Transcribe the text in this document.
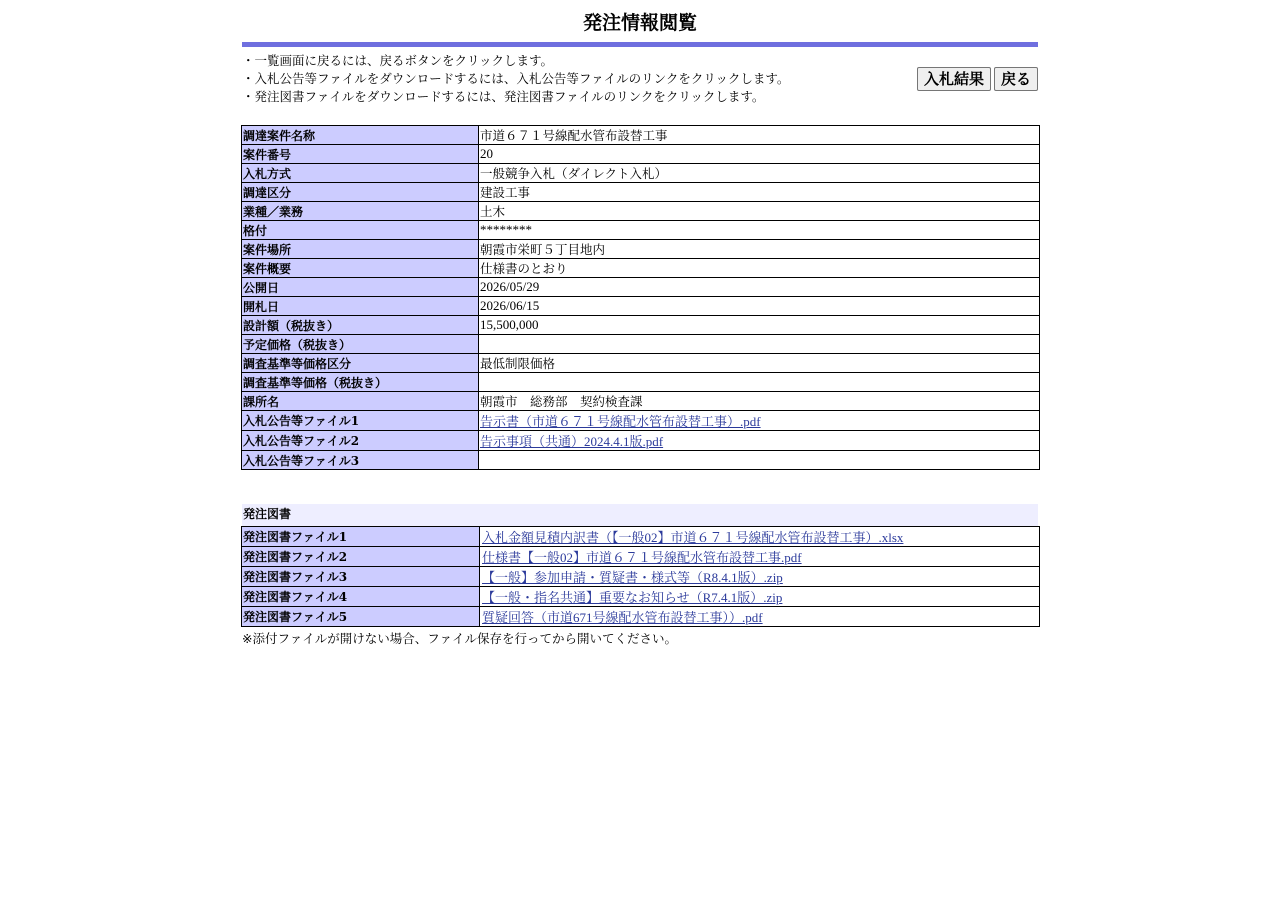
発注情報閲覧
・一覧画面に戻るには、戻るボタンをクリックします。
・入札公告等ファイルをダウンロードするには、入札公告等ファイルのリンクをクリックします。
・発注図書ファイルをダウンロードするには、発注図書ファイルのリンクをクリックします。
入札結果	戻る
調達案件名称	市道６７１号線配水管布設替工事
案件番号	20
入札方式	一般競争入札（ダイレクト入札）
調達区分	建設工事
業種／業務	土木
格付	********
案件場所	朝霞市栄町５丁目地内
案件概要	仕様書のとおり
公開日	2026/05/29
開札日	2026/06/15
設計額（税抜き）	15,500,000
予定価格（税抜き）	
調査基準等価格区分	最低制限価格
調査基準等価格（税抜き）	
課所名	朝霞市　総務部　契約検査課
入札公告等ファイル1	告示書（市道６７１号線配水管布設替工事）.pdf
入札公告等ファイル2	告示事項（共通）2024.4.1版.pdf
入札公告等ファイル3	
発注図書
発注図書ファイル1	入札金額見積内訳書（【一般02】市道６７１号線配水管布設替工事）.xlsx
発注図書ファイル2	仕様書【一般02】市道６７１号線配水管布設替工事.pdf
発注図書ファイル3	【一般】参加申請・質疑書・様式等（R8.4.1版）.zip
発注図書ファイル4	【一般・指名共通】重要なお知らせ（R7.4.1版）.zip
発注図書ファイル5	質疑回答（市道671号線配水管布設替工事））.pdf
※添付ファイルが開けない場合、ファイル保存を行ってから開いてください。
